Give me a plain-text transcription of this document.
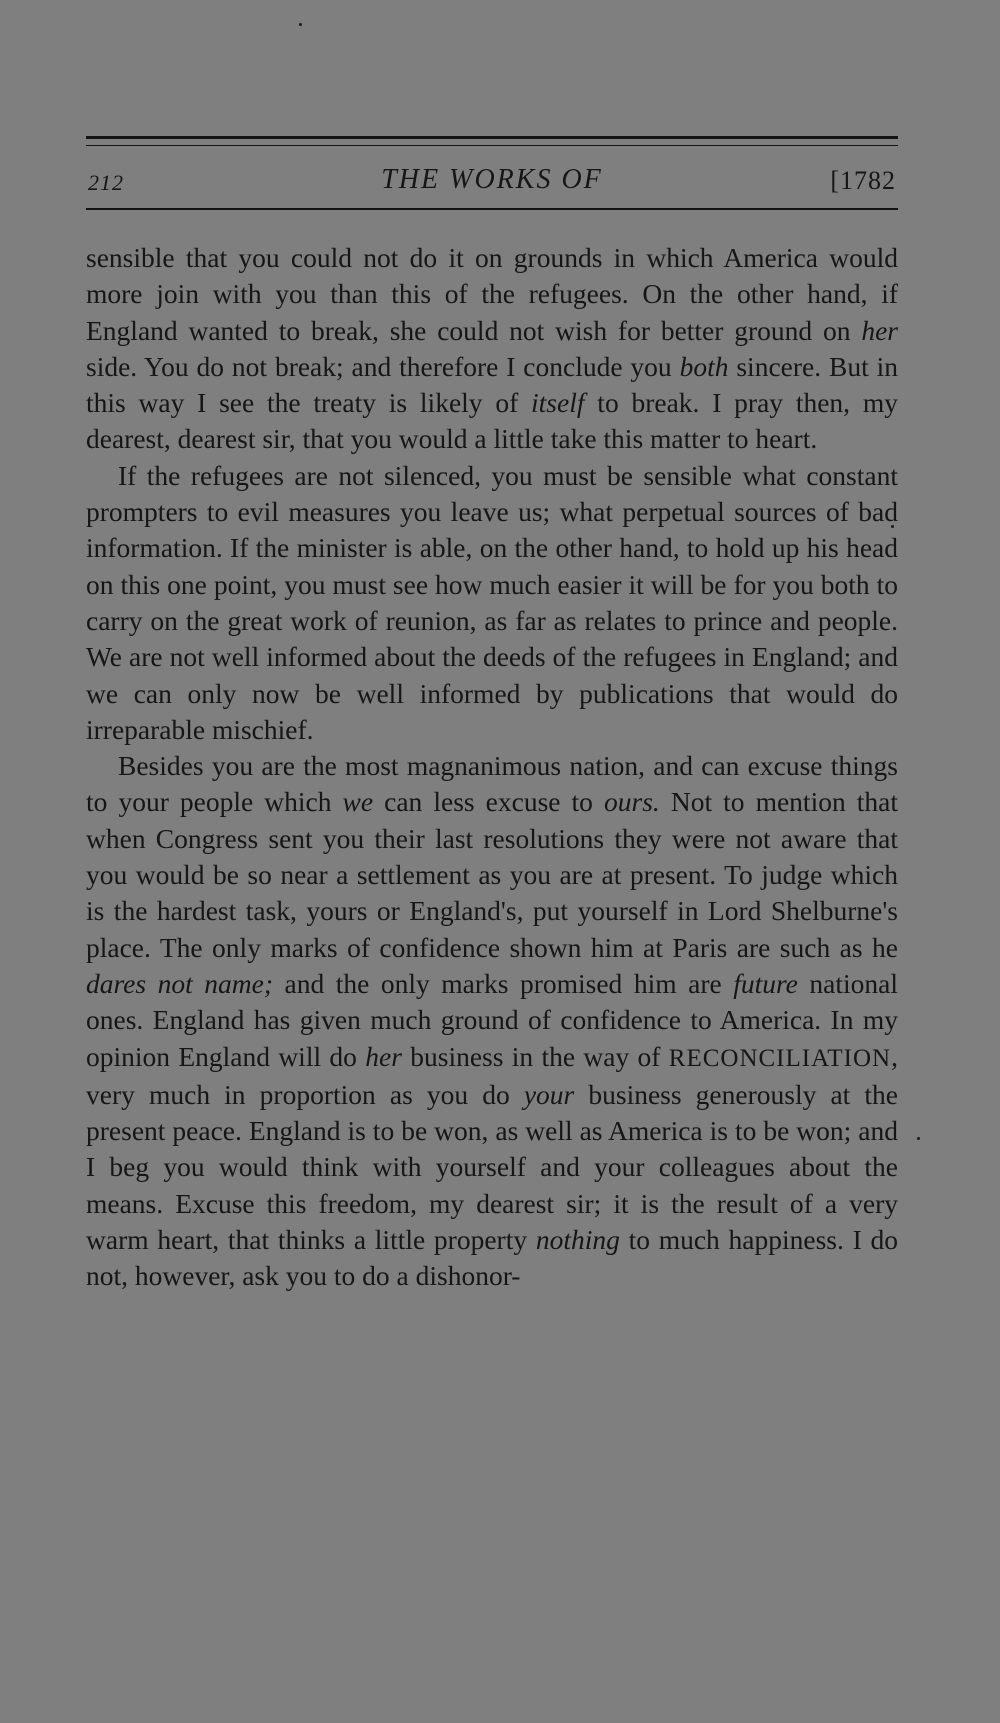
212	THE WORKS OF	[1782

sensible that you could not do it on grounds in which America would more join with you than this of the refugees. On the other hand, if England wanted to break, she could not wish for better ground on her side. You do not break; and therefore I conclude you both sincere. But in this way I see the treaty is likely of itself to break. I pray then, my dearest, dearest sir, that you would a little take this matter to heart.

If the refugees are not silenced, you must be sensible what constant prompters to evil measures you leave us; what perpetual sources of bad information. If the minister is able, on the other hand, to hold up his head on this one point, you must see how much easier it will be for you both to carry on the great work of reunion, as far as relates to prince and people. We are not well informed about the deeds of the refugees in England; and we can only now be well informed by publications that would do irreparable mischief.

Besides you are the most magnanimous nation, and can excuse things to your people which we can less excuse to ours. Not to mention that when Congress sent you their last resolutions they were not aware that you would be so near a settlement as you are at present. To judge which is the hardest task, yours or England's, put yourself in Lord Shelburne's place. The only marks of confidence shown him at Paris are such as he dares not name; and the only marks promised him are future national ones. England has given much ground of confidence to America. In my opinion England will do her business in the way of RECONCILIATION, very much in proportion as you do your business generously at the present peace. England is to be won, as well as America is to be won; and I beg you would think with yourself and your colleagues about the means. Excuse this freedom, my dearest sir; it is the result of a very warm heart, that thinks a little property nothing to much happiness. I do not, however, ask you to do a dishonor-
